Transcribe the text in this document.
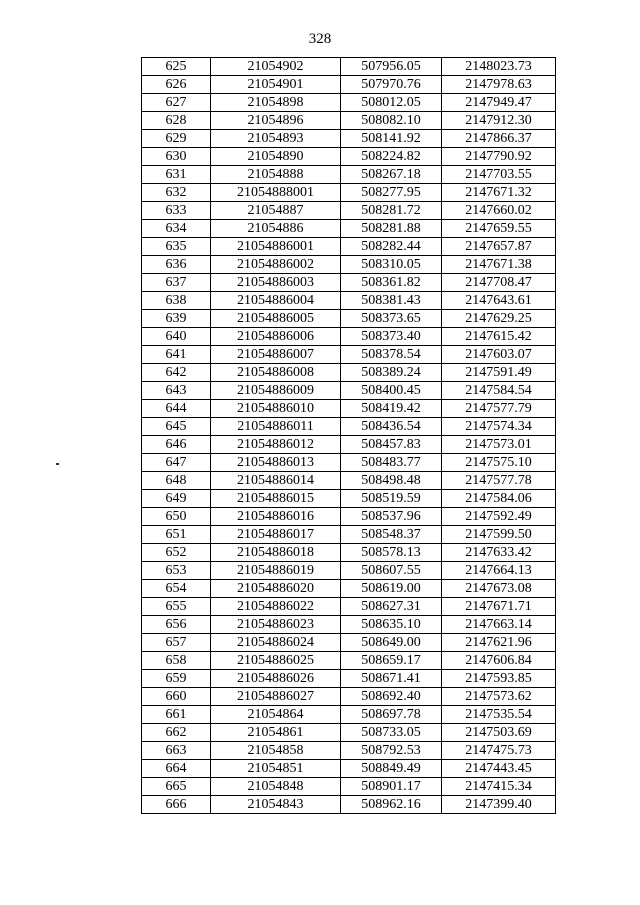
328
625	21054902	507956.05	2148023.73
626	21054901	507970.76	2147978.63
627	21054898	508012.05	2147949.47
628	21054896	508082.10	2147912.30
629	21054893	508141.92	2147866.37
630	21054890	508224.82	2147790.92
631	21054888	508267.18	2147703.55
632	21054888001	508277.95	2147671.32
633	21054887	508281.72	2147660.02
634	21054886	508281.88	2147659.55
635	21054886001	508282.44	2147657.87
636	21054886002	508310.05	2147671.38
637	21054886003	508361.82	2147708.47
638	21054886004	508381.43	2147643.61
639	21054886005	508373.65	2147629.25
640	21054886006	508373.40	2147615.42
641	21054886007	508378.54	2147603.07
642	21054886008	508389.24	2147591.49
643	21054886009	508400.45	2147584.54
644	21054886010	508419.42	2147577.79
645	21054886011	508436.54	2147574.34
646	21054886012	508457.83	2147573.01
647	21054886013	508483.77	2147575.10
648	21054886014	508498.48	2147577.78
649	21054886015	508519.59	2147584.06
650	21054886016	508537.96	2147592.49
651	21054886017	508548.37	2147599.50
652	21054886018	508578.13	2147633.42
653	21054886019	508607.55	2147664.13
654	21054886020	508619.00	2147673.08
655	21054886022	508627.31	2147671.71
656	21054886023	508635.10	2147663.14
657	21054886024	508649.00	2147621.96
658	21054886025	508659.17	2147606.84
659	21054886026	508671.41	2147593.85
660	21054886027	508692.40	2147573.62
661	21054864	508697.78	2147535.54
662	21054861	508733.05	2147503.69
663	21054858	508792.53	2147475.73
664	21054851	508849.49	2147443.45
665	21054848	508901.17	2147415.34
666	21054843	508962.16	2147399.40
